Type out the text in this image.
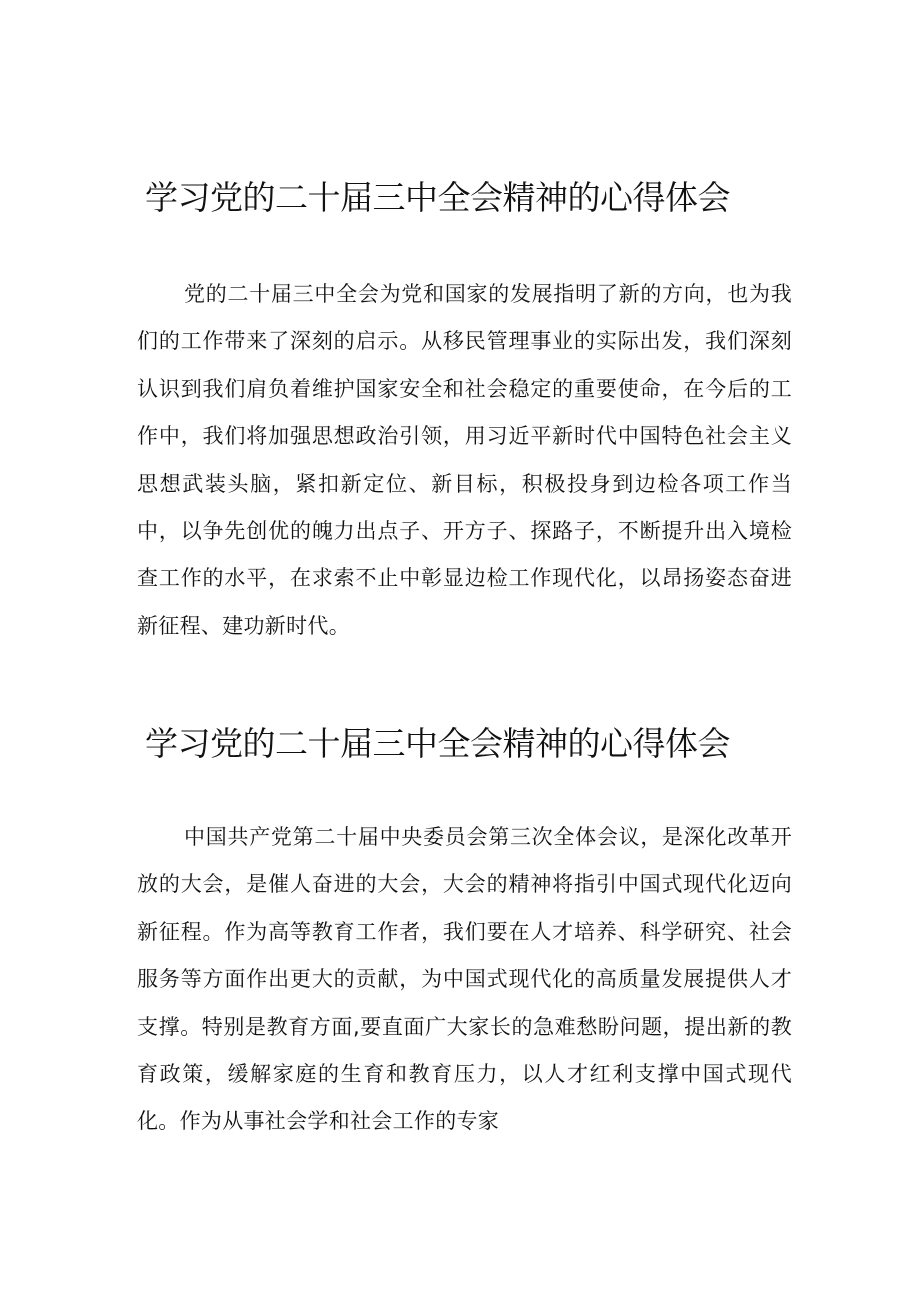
学习党的二十届三中全会精神的心得体会

党的二十届三中全会为党和国家的发展指明了新的方向，也为我们的工作带来了深刻的启示。从移民管理事业的实际出发，我们深刻认识到我们肩负着维护国家安全和社会稳定的重要使命，在今后的工作中，我们将加强思想政治引领，用习近平新时代中国特色社会主义思想武装头脑，紧扣新定位、新目标，积极投身到边检各项工作当中，以争先创优的魄力出点子、开方子、探路子，不断提升出入境检查工作的水平，在求索不止中彰显边检工作现代化，以昂扬姿态奋进新征程、建功新时代。

学习党的二十届三中全会精神的心得体会

中国共产党第二十届中央委员会第三次全体会议，是深化改革开放的大会，是催人奋进的大会，大会的精神将指引中国式现代化迈向新征程。作为高等教育工作者，我们要在人才培养、科学研究、社会服务等方面作出更大的贡献，为中国式现代化的高质量发展提供人才支撑。特别是教育方面,要直面广大家长的急难愁盼问题，提出新的教育政策，缓解家庭的生育和教育压力，以人才红利支撑中国式现代化。作为从事社会学和社会工作的专家
